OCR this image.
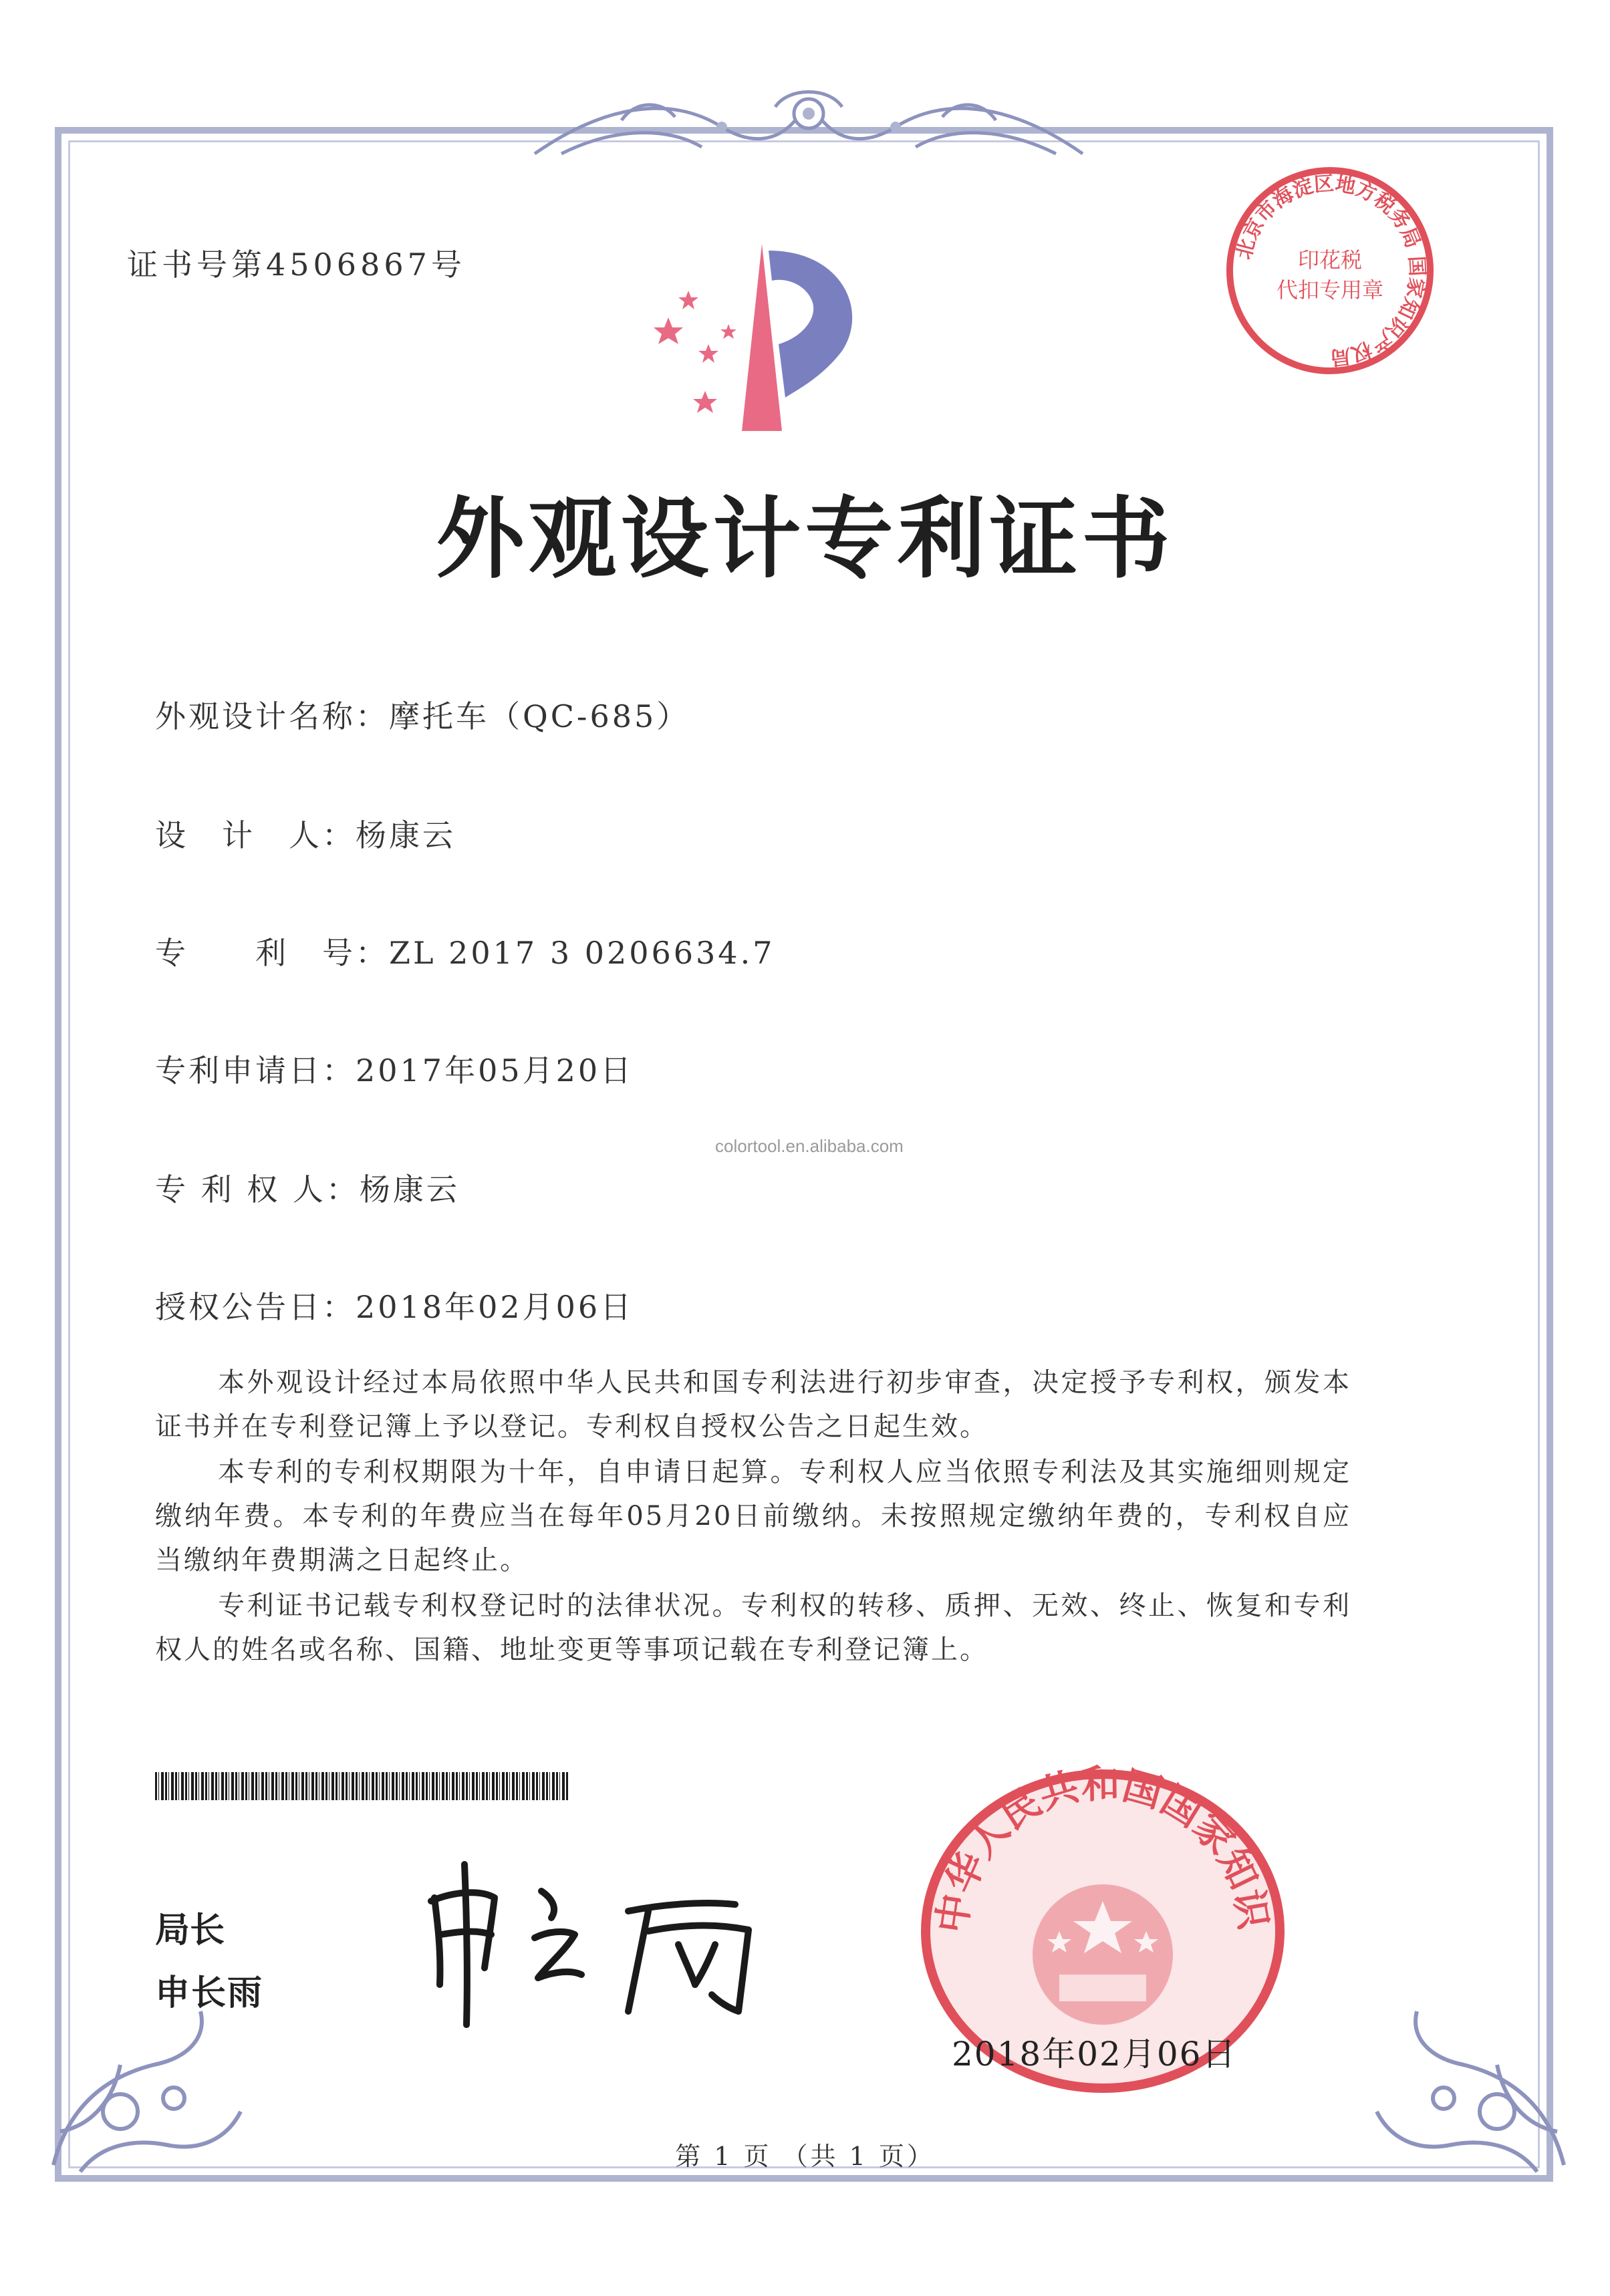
证书号第4506867号	北京市海淀区地方税务局 国家知识产权局
印花税
代扣专用章
外观设计专利证书
外观设计名称：摩托车（QC-685）
设　计　人：杨康云
专　　利　号：ZL 2017 3 0206634.7
专利申请日：2017年05月20日
专 利 权 人：杨康云
授权公告日：2018年02月06日
colortool.en.alibaba.com
本外观设计经过本局依照中华人民共和国专利法进行初步审查，决定授予专利权，颁发本证书并在专利登记簿上予以登记。专利权自授权公告之日起生效。
本专利的专利权期限为十年，自申请日起算。专利权人应当依照专利法及其实施细则规定缴纳年费。本专利的年费应当在每年05月20日前缴纳。未按照规定缴纳年费的，专利权自应当缴纳年费期满之日起终止。
专利证书记载专利权登记时的法律状况。专利权的转移、质押、无效、终止、恢复和专利权人的姓名或名称、国籍、地址变更等事项记载在专利登记簿上。
局长
申长雨
中华人民共和国国家知识产权局
2018年02月06日
第 1 页 （共 1 页）
